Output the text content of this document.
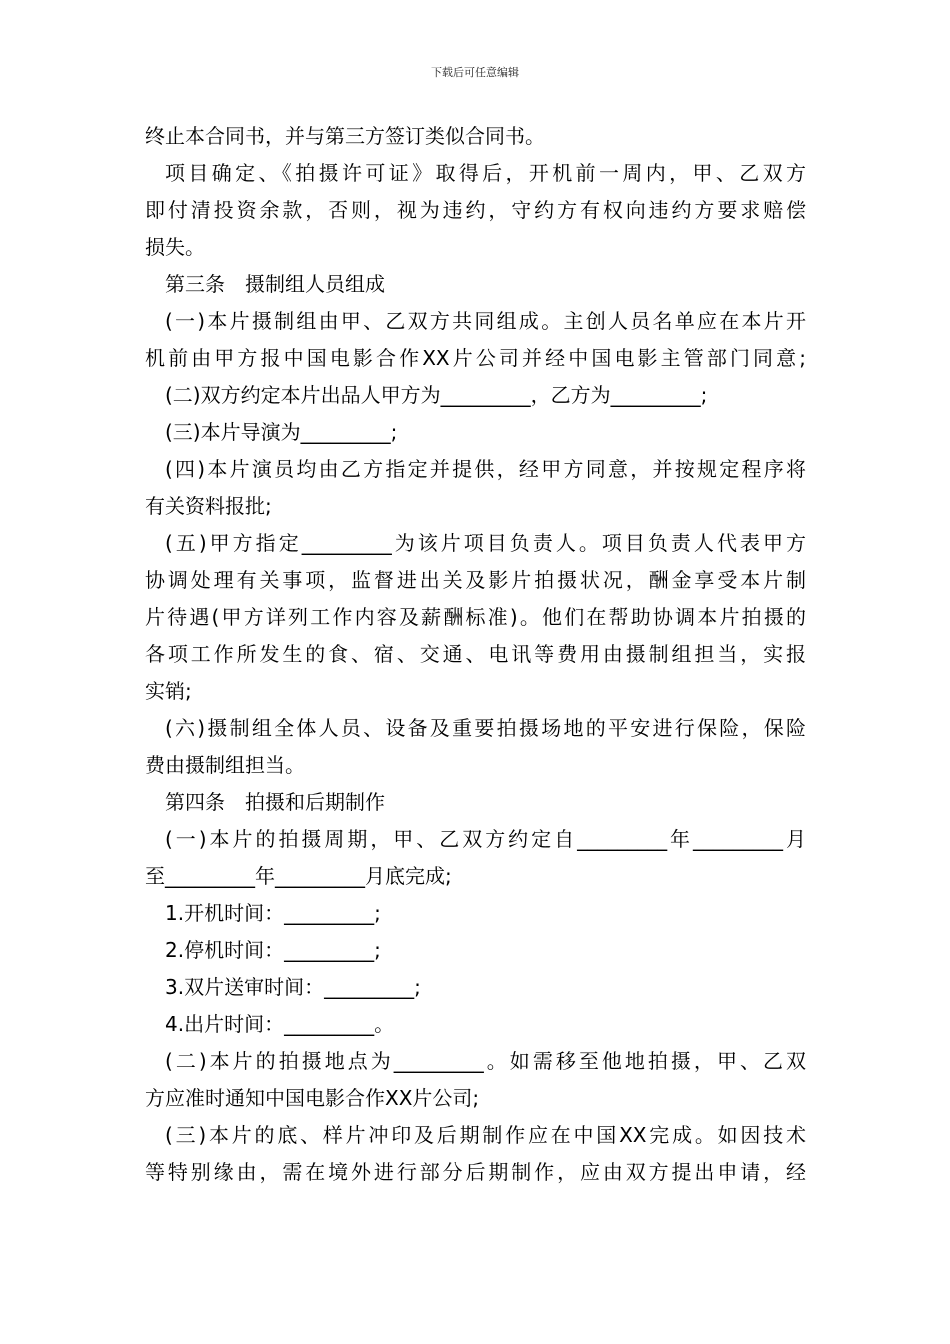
下载后可任意编辑
终止本合同书，并与第三方签订类似合同书。
项目确定、《拍摄许可证》取得后，开机前一周内，甲、乙双方
即付清投资余款，否则，视为违约，守约方有权向违约方要求赔偿
损失。
第三条　摄制组人员组成
(一)本片摄制组由甲、乙双方共同组成。主创人员名单应在本片开
机前由甲方报中国电影合作XX片公司并经中国电影主管部门同意;
(二)双方约定本片出品人甲方为_________，乙方为_________;
(三)本片导演为_________;
(四)本片演员均由乙方指定并提供，经甲方同意，并按规定程序将
有关资料报批;
(五)甲方指定_________为该片项目负责人。项目负责人代表甲方
协调处理有关事项，监督进出关及影片拍摄状况，酬金享受本片制
片待遇(甲方详列工作内容及薪酬标准)。他们在帮助协调本片拍摄的
各项工作所发生的食、宿、交通、电讯等费用由摄制组担当，实报
实销;
(六)摄制组全体人员、设备及重要拍摄场地的平安进行保险，保险
费由摄制组担当。
第四条　拍摄和后期制作
(一)本片的拍摄周期，甲、乙双方约定自_________年_________月
至_________年_________月底完成;
1.开机时间：_________;
2.停机时间：_________;
3.双片送审时间：_________;
4.出片时间：_________。
(二)本片的拍摄地点为_________。如需移至他地拍摄，甲、乙双
方应准时通知中国电影合作XX片公司;
(三)本片的底、样片冲印及后期制作应在中国XX完成。如因技术
等特别缘由，需在境外进行部分后期制作，应由双方提出申请，经
